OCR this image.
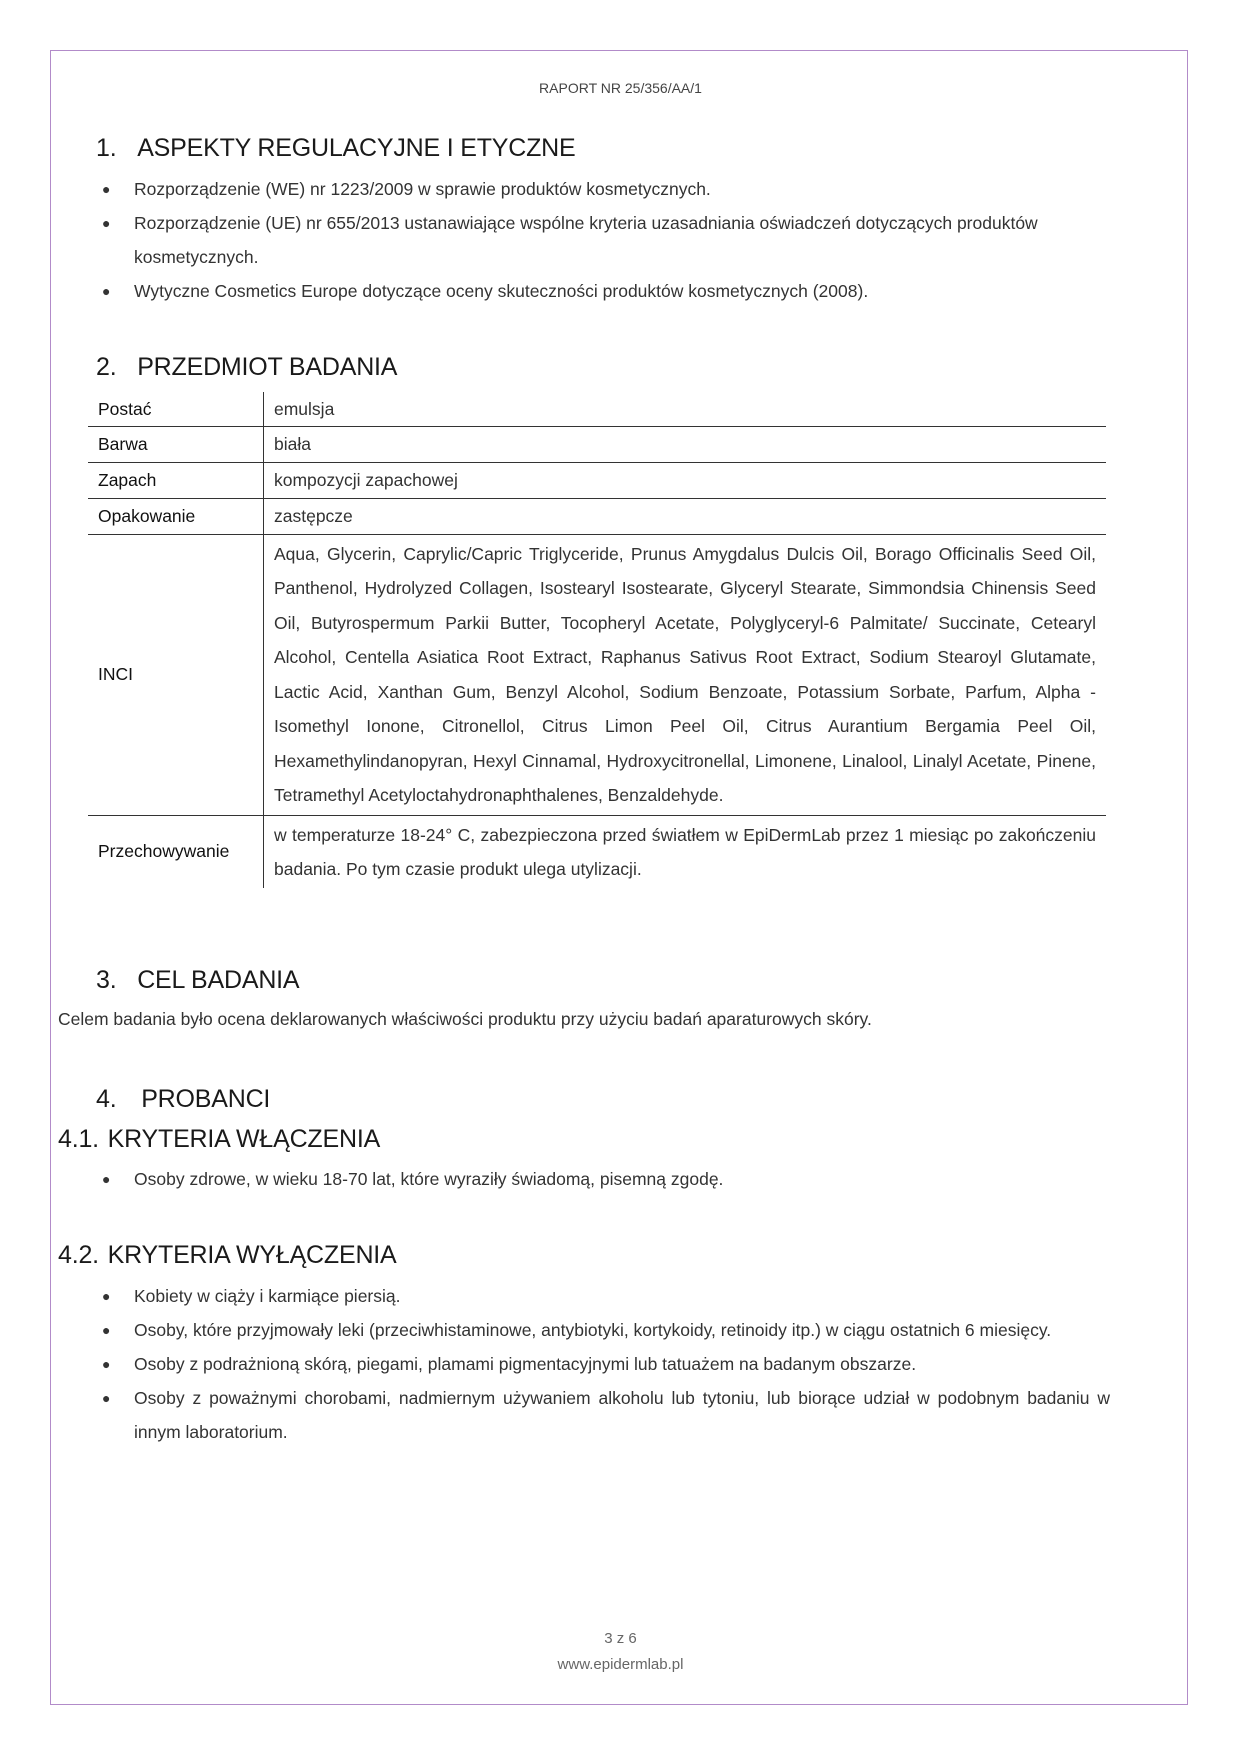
RAPORT NR 25/356/AA/1
1. ASPEKTY REGULACYJNE I ETYCZNE
● Rozporządzenie (WE) nr 1223/2009 w sprawie produktów kosmetycznych.
● Rozporządzenie (UE) nr 655/2013 ustanawiające wspólne kryteria uzasadniania oświadczeń dotyczących produktów kosmetycznych.
● Wytyczne Cosmetics Europe dotyczące oceny skuteczności produktów kosmetycznych (2008).
2. PRZEDMIOT BADANIA
Postać	emulsja
Barwa	biała
Zapach	kompozycji zapachowej
Opakowanie	zastępcze
INCI	Aqua, Glycerin, Caprylic/Capric Triglyceride, Prunus Amygdalus Dulcis Oil, Borago Officinalis Seed Oil, Panthenol, Hydrolyzed Collagen, Isostearyl Isostearate, Glyceryl Stearate, Simmondsia Chinensis Seed Oil, Butyrospermum Parkii Butter, Tocopheryl Acetate, Polyglyceryl-6 Palmitate/ Succinate, Cetearyl Alcohol, Centella Asiatica Root Extract, Raphanus Sativus Root Extract, Sodium Stearoyl Glutamate, Lactic Acid, Xanthan Gum, Benzyl Alcohol, Sodium Benzoate, Potassium Sorbate, Parfum, Alpha - Isomethyl Ionone, Citronellol, Citrus Limon Peel Oil, Citrus Aurantium Bergamia Peel Oil, Hexamethylindanopyran, Hexyl Cinnamal, Hydroxycitronellal, Limonene, Linalool, Linalyl Acetate, Pinene, Tetramethyl Acetyloctahydronaphthalenes, Benzaldehyde.
Przechowywanie	w temperaturze 18-24° C, zabezpieczona przed światłem w EpiDermLab przez 1 miesiąc po zakończeniu badania. Po tym czasie produkt ulega utylizacji.
3. CEL BADANIA

Celem badania było ocena deklarowanych właściwości produktu przy użyciu badań aparaturowych skóry.

4. PROBANCI
4.1. KRYTERIA WŁĄCZENIA
● Osoby zdrowe, w wieku 18-70 lat, które wyraziły świadomą, pisemną zgodę.
4.2. KRYTERIA WYŁĄCZENIA
● Kobiety w ciąży i karmiące piersią.
● Osoby, które przyjmowały leki (przeciwhistaminowe, antybiotyki, kortykoidy, retinoidy itp.) w ciągu ostatnich 6 miesięcy.
● Osoby z podrażnioną skórą, piegami, plamami pigmentacyjnymi lub tatuażem na badanym obszarze.
● Osoby z poważnymi chorobami, nadmiernym używaniem alkoholu lub tytoniu, lub biorące udział w podobnym badaniu w innym laboratorium.
3 z 6
www.epidermlab.pl
